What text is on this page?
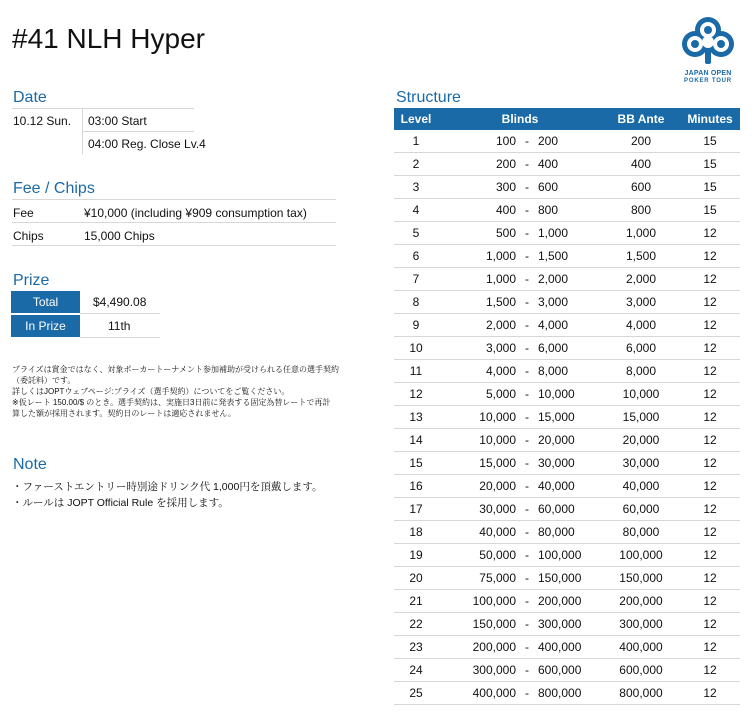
#41 NLH Hyper
JAPAN OPEN
POKER TOUR
Date
10.12 Sun. 03:00 Start
04:00 Reg. Close Lv.4
Fee / Chips
Fee	¥10,000 (including ¥909 consumption tax)
Chips	15,000 Chips
Prize
Total	$4,490.08
In Prize	11th
プライズは賞金ではなく、対象ポーカートーナメント参加補助が受けられる任意の選手契約
（委託料）です。
詳しくはJOPTウェブページ:プライズ（選手契約）についてをご覧ください。
※仮レート 150.00/$ のとき。選手契約は、実施日3日前に発表する固定為替レートで再計
算した額が採用されます。契約日のレートは適応されません。
Note
・ファーストエントリー時別途ドリンク代 1,000円を頂戴します。
・ルールは JOPT Official Rule を採用します。
Structure
Level	Blinds			BB Ante	Minutes
1	100	-	200	200	15
2	200	-	400	400	15
3	300	-	600	600	15
4	400	-	800	800	15
5	500	-	1,000	1,000	12
6	1,000	-	1,500	1,500	12
7	1,000	-	2,000	2,000	12
8	1,500	-	3,000	3,000	12
9	2,000	-	4,000	4,000	12
10	3,000	-	6,000	6,000	12
11	4,000	-	8,000	8,000	12
12	5,000	-	10,000	10,000	12
13	10,000	-	15,000	15,000	12
14	10,000	-	20,000	20,000	12
15	15,000	-	30,000	30,000	12
16	20,000	-	40,000	40,000	12
17	30,000	-	60,000	60,000	12
18	40,000	-	80,000	80,000	12
19	50,000	-	100,000	100,000	12
20	75,000	-	150,000	150,000	12
21	100,000	-	200,000	200,000	12
22	150,000	-	300,000	300,000	12
23	200,000	-	400,000	400,000	12
24	300,000	-	600,000	600,000	12
25	400,000	-	800,000	800,000	12
